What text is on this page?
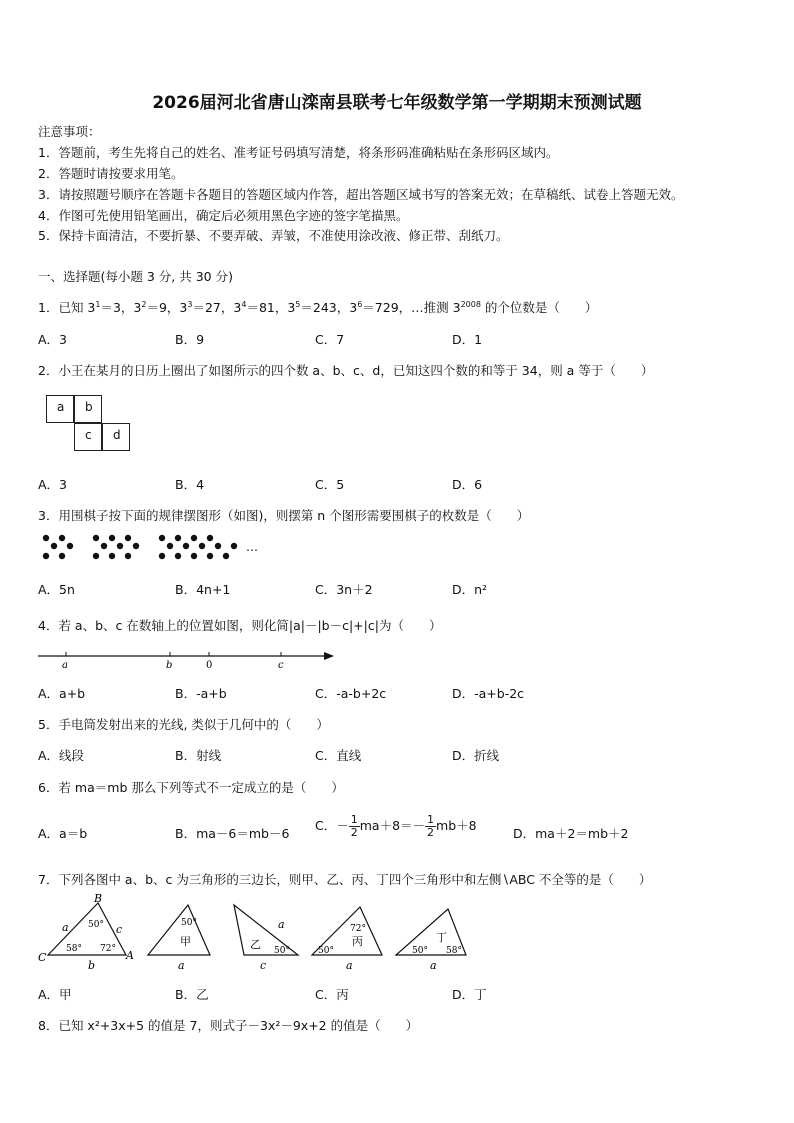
2026届河北省唐山滦南县联考七年级数学第一学期期末预测试题
注意事项：
1．答题前，考生先将自己的姓名、准考证号码填写清楚，将条形码准确粘贴在条形码区域内。
2．答题时请按要求用笔。
3．请按照题号顺序在答题卡各题目的答题区域内作答，超出答题区域书写的答案无效；在草稿纸、试卷上答题无效。
4．作图可先使用铅笔画出，确定后必须用黑色字迹的签字笔描黑。
5．保持卡面清洁，不要折暴、不要弄破、弄皱，不准使用涂改液、修正带、刮纸刀。
一、选择题(每小题 3 分, 共 30 分)
1．已知 $3^1=3$，$3^2=9$，$3^3=27$，$3^4=81$，$3^5=243$，$3^6=729$，…推测 $3^{2008}$ 的个位数是（　　）
A．3	B．9	C．7	D．1
2．小王在某月的日历上圈出了如图所示的四个数 a、b、c、d，已知这四个数的和等于 34，则 a 等于（　　）
a	b
c	d
A．3	B．4	C．5	D．6
3．用围棋子按下面的规律摆图形（如图)，则摆第 n 个图形需要围棋子的枚数是（　　）
…
A．5n	B．4n+1	C．3n＋2	D．n²
4．若 a、b、c 在数轴上的位置如图，则化简|a|－|b－c|+|c|为（　　）
a	b	0	c
A．a+b	B．-a+b	C．-a-b+2c	D．-a+b-2c
5．手电筒发射出来的光线, 类似于几何中的（　　）
A．线段	B．射线	C．直线	D．折线
6．若 ma＝mb 那么下列等式不一定成立的是（　　）
A．a＝b	B．ma－6＝mb－6
C．－ $\frac{1}{2} ma+8=- \frac{1}{2} mb+8$
D．ma＋2＝mb＋2
7．下列各图中 a、b、c 为三角形的三边长，则甲、乙、丙、丁四个三角形中和左侧∖ABC 不全等的是（　　）
B
C	A
a
b
c
50°
58° 72°
50°
甲
a
a
乙 50°
c
72°
丙
50°
a
丁
50° 58°
a
A．甲	B．乙	C．丙	D．丁
8．已知 x²+3x+5 的值是 7，则式子－3x²－9x+2 的值是（　　）
